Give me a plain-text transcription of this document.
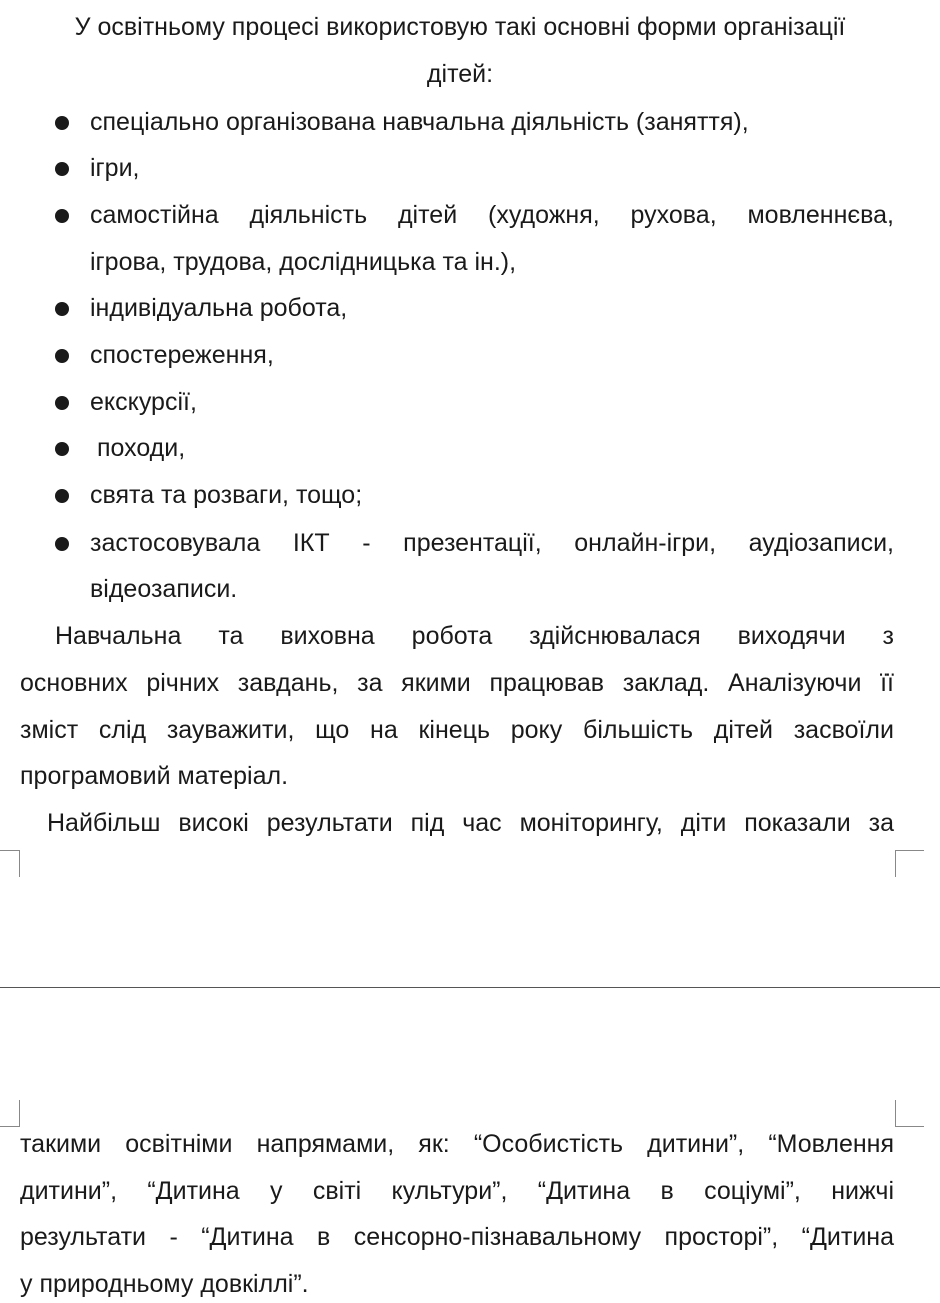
У освітньому процесі використовую такі основні форми організації
дітей:
спеціально організована навчальна діяльність (заняття),
ігри,
самостійна діяльність дітей (художня, рухова, мовленнєва,
ігрова, трудова, дослідницька та ін.),
індивідуальна робота,
спостереження,
екскурсії,
походи,
свята та розваги, тощо;
застосовувала ІКТ - презентації, онлайн-ігри, аудіозаписи,
відеозаписи.
Навчальна та виховна робота здійснювалася виходячи з
основних річних завдань, за якими працював заклад. Аналізуючи її
зміст слід зауважити, що на кінець року більшість дітей засвоїли
програмовий матеріал.
Найбільш високі результати під час моніторингу, діти показали за
такими освітніми напрямами, як: “Особистість дитини”, “Мовлення
дитини”, “Дитина у світі культури”, “Дитина в соціумі”, нижчі
результати - “Дитина в сенсорно-пізнавальному просторі”, “Дитина
у природньому довкіллі”.
